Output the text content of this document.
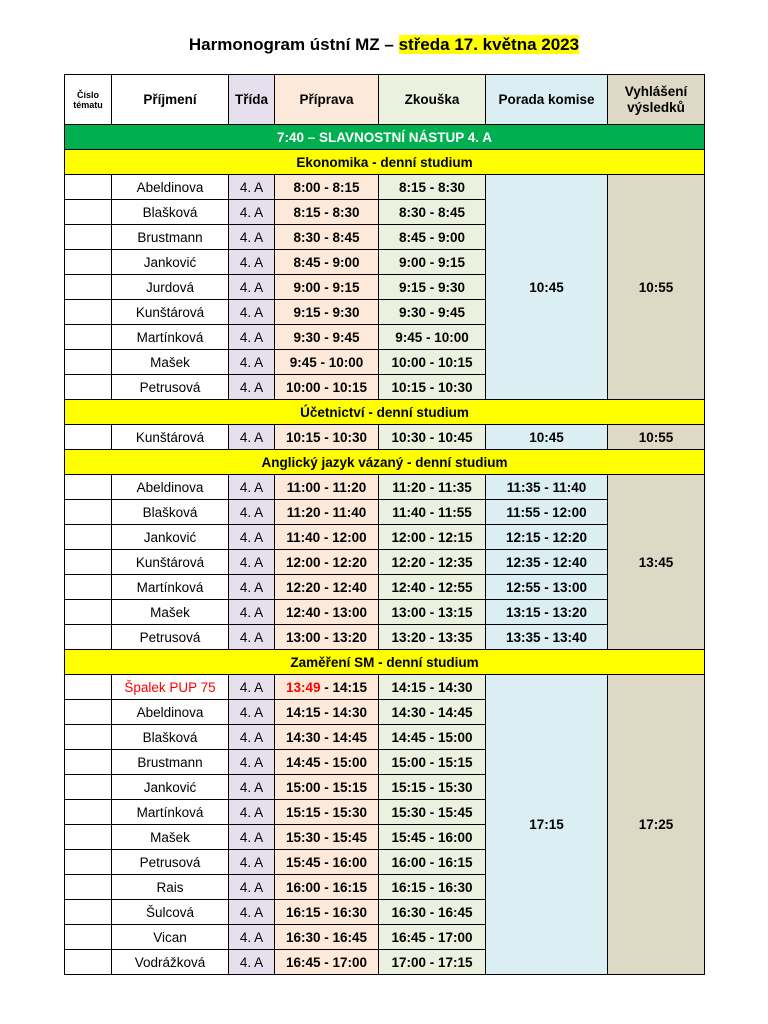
Harmonogram ústní MZ – středa 17. května 2023
Číslo tématu	Příjmení	Třída	Příprava	Zkouška	Porada komise	Vyhlášení výsledků
7:40 – SLAVNOSTNÍ NÁSTUP 4. A						
Ekonomika - denní studium						
	Abeldinova	4. A	8:00 - 8:15	8:15 - 8:30	10:45	10:55
	Blašková	4. A	8:15 - 8:30	8:30 - 8:45		
	Brustmann	4. A	8:30 - 8:45	8:45 - 9:00		
	Janković	4. A	8:45 - 9:00	9:00 - 9:15		
	Jurdová	4. A	9:00 - 9:15	9:15 - 9:30		
	Kunštárová	4. A	9:15 - 9:30	9:30 - 9:45		
	Martínková	4. A	9:30 - 9:45	9:45 - 10:00		
	Mašek	4. A	9:45 - 10:00	10:00 - 10:15		
	Petrusová	4. A	10:00 - 10:15	10:15 - 10:30		
Účetnictví - denní studium						
	Kunštárová	4. A	10:15 - 10:30	10:30 - 10:45	10:45	10:55
Anglický jazyk vázaný - denní studium						
	Abeldinova	4. A	11:00 - 11:20	11:20 - 11:35	11:35 - 11:40	13:45
	Blašková	4. A	11:20 - 11:40	11:40 - 11:55	11:55 - 12:00	
	Janković	4. A	11:40 - 12:00	12:00 - 12:15	12:15 - 12:20	
	Kunštárová	4. A	12:00 - 12:20	12:20 - 12:35	12:35 - 12:40	
	Martínková	4. A	12:20 - 12:40	12:40 - 12:55	12:55 - 13:00	
	Mašek	4. A	12:40 - 13:00	13:00 - 13:15	13:15 - 13:20	
	Petrusová	4. A	13:00 - 13:20	13:20 - 13:35	13:35 - 13:40	
Zaměření SM - denní studium						
	Špalek PUP 75	4. A	13:49 - 14:15	14:15 - 14:30	17:15	17:25
	Abeldinova	4. A	14:15 - 14:30	14:30 - 14:45		
	Blašková	4. A	14:30 - 14:45	14:45 - 15:00		
	Brustmann	4. A	14:45 - 15:00	15:00 - 15:15		
	Janković	4. A	15:00 - 15:15	15:15 - 15:30		
	Martínková	4. A	15:15 - 15:30	15:30 - 15:45		
	Mašek	4. A	15:30 - 15:45	15:45 - 16:00		
	Petrusová	4. A	15:45 - 16:00	16:00 - 16:15		
	Rais	4. A	16:00 - 16:15	16:15 - 16:30		
	Šulcová	4. A	16:15 - 16:30	16:30 - 16:45		
	Vican	4. A	16:30 - 16:45	16:45 - 17:00		
	Vodrážková	4. A	16:45 - 17:00	17:00 - 17:15		
